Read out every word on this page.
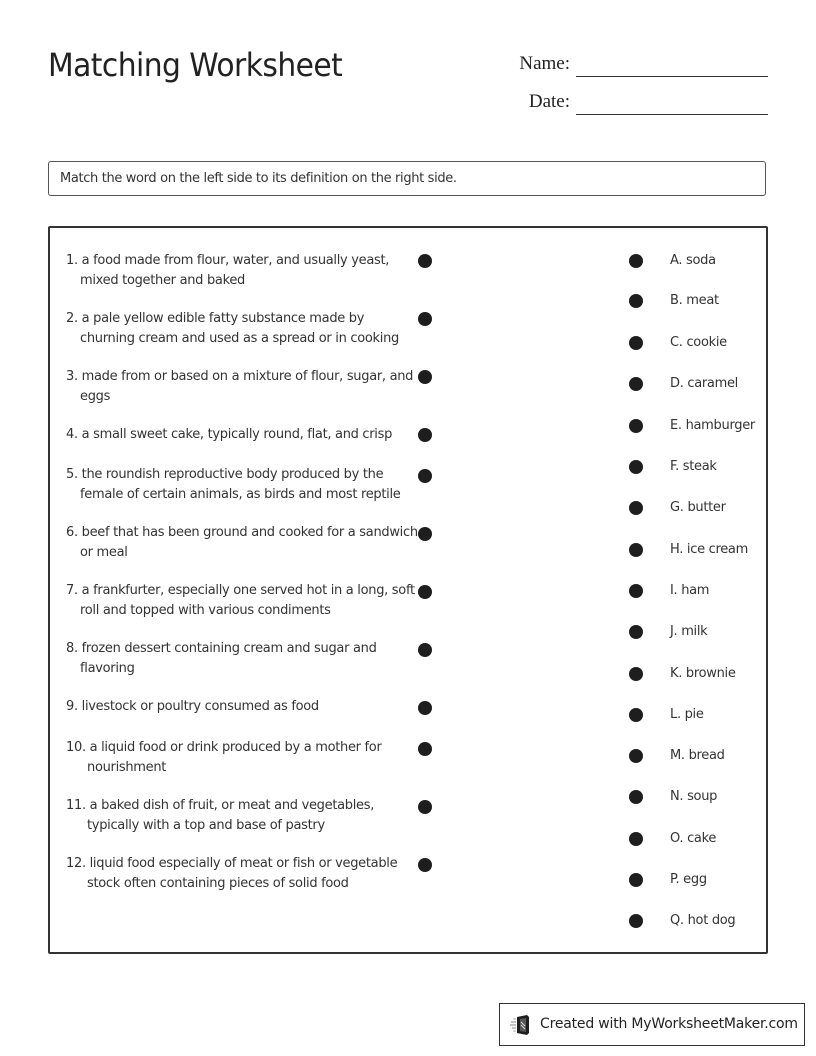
Matching Worksheet	Name:
Date:
Match the word on the left side to its definition on the right side.
1. a food made from flour, water, and usually yeast, mixed together and baked
2. a pale yellow edible fatty substance made by churning cream and used as a spread or in cooking
3. made from or based on a mixture of flour, sugar, and eggs
4. a small sweet cake, typically round, flat, and crisp
5. the roundish reproductive body produced by the female of certain animals, as birds and most reptile
6. beef that has been ground and cooked for a sandwich or meal
7. a frankfurter, especially one served hot in a long, soft roll and topped with various condiments
8. frozen dessert containing cream and sugar and flavoring
9. livestock or poultry consumed as food
10. a liquid food or drink produced by a mother for nourishment
11. a baked dish of fruit, or meat and vegetables, typically with a top and base of pastry
12. liquid food especially of meat or fish or vegetable stock often containing pieces of solid food
A. soda
B. meat
C. cookie
D. caramel
E. hamburger
F. steak
G. butter
H. ice cream
I. ham
J. milk
K. brownie
L. pie
M. bread
N. soup
O. cake
P. egg
Q. hot dog
Created with MyWorksheetMaker.com
